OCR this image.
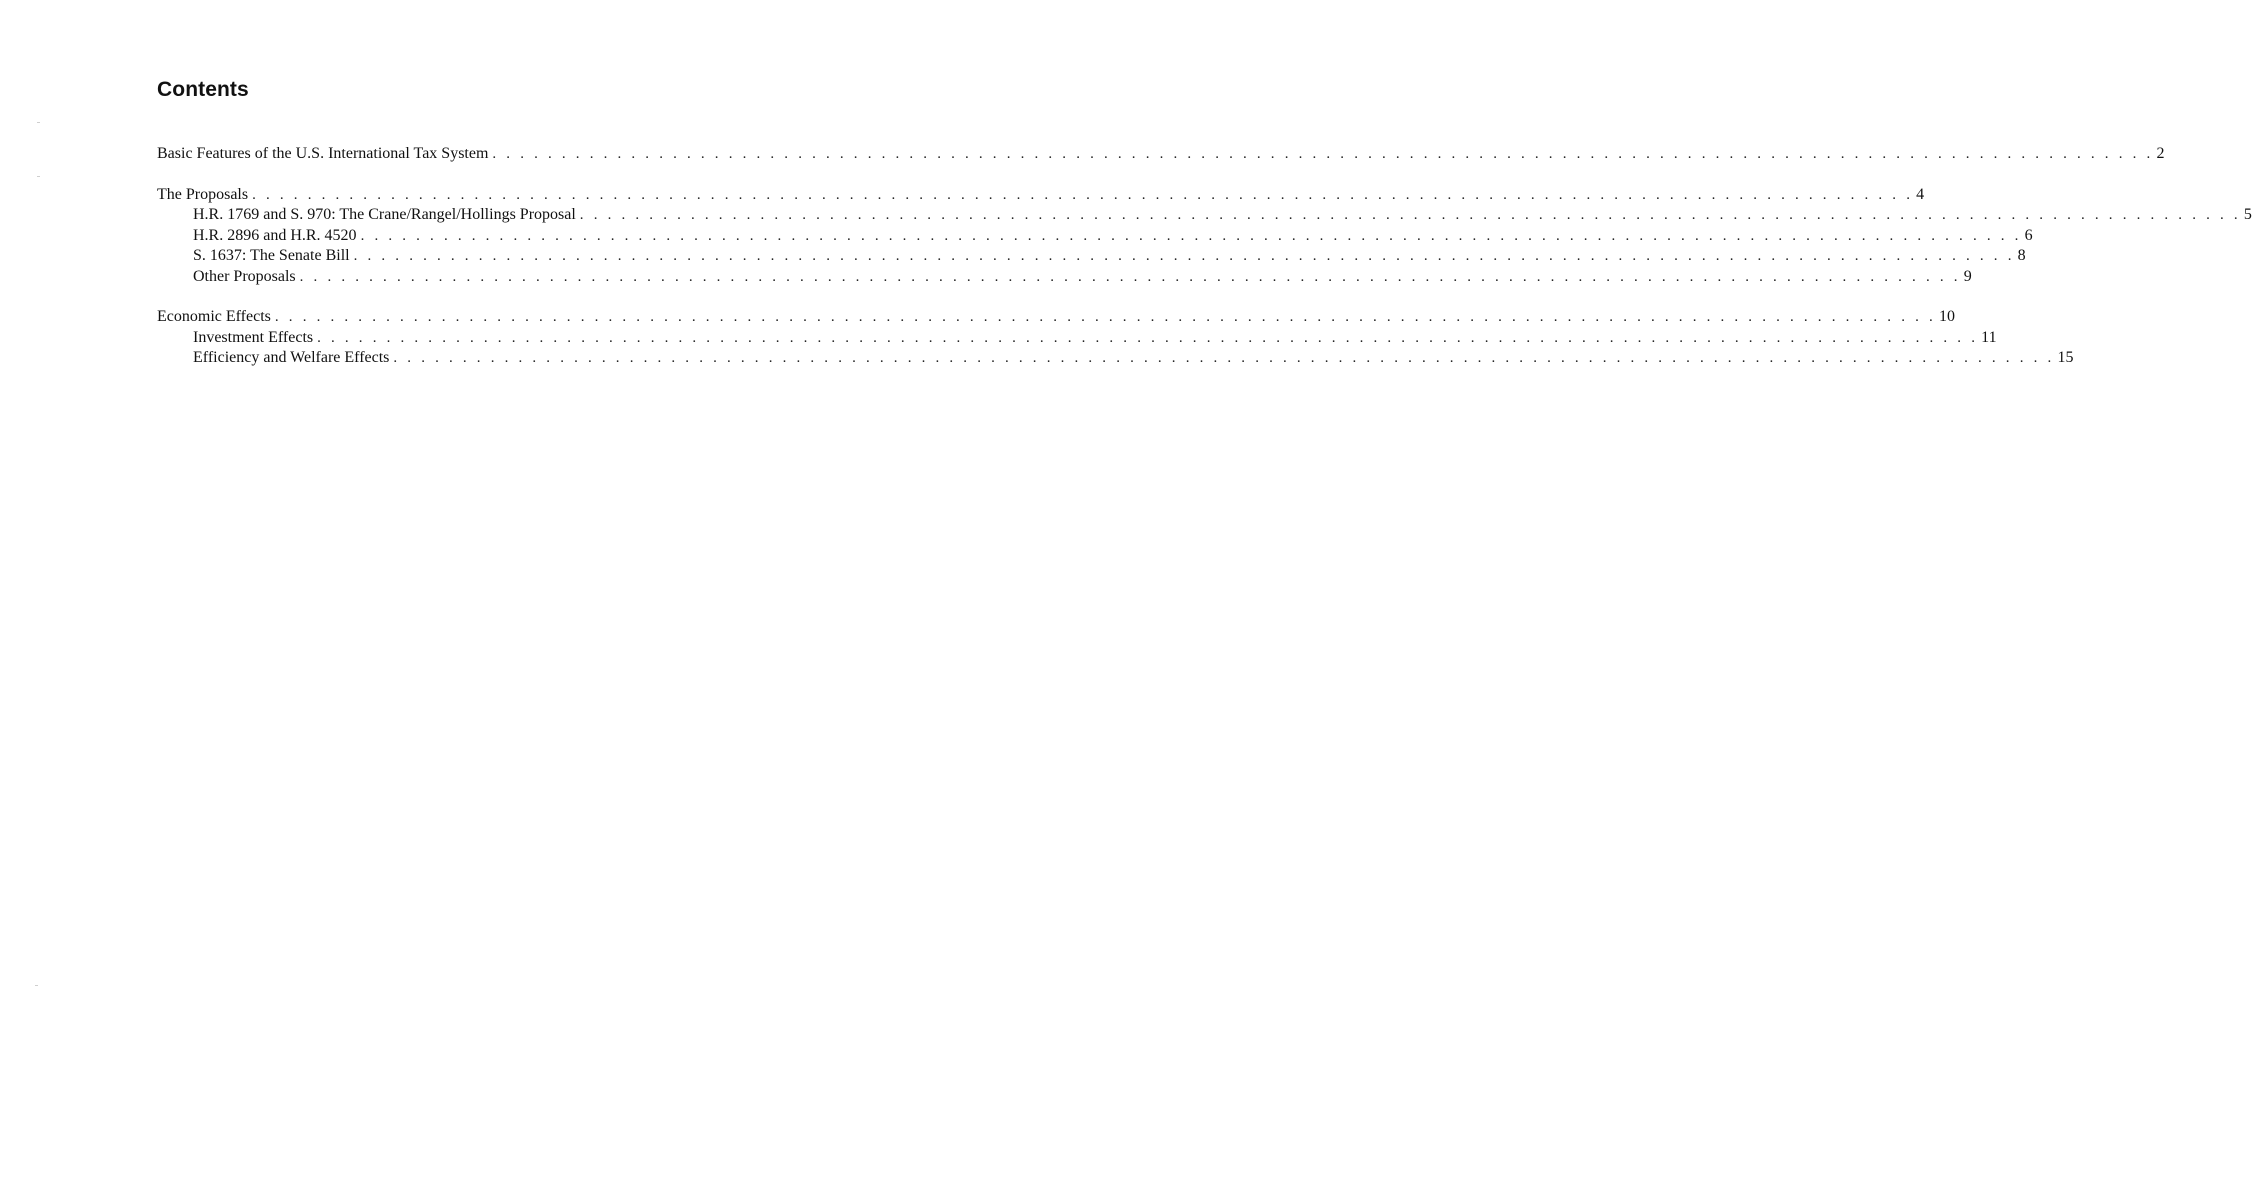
Contents
Basic Features of the U.S. International Tax System . . . . . . . . . . . . . . . . . . . . . . . . . . . . . . . . . . . . . . . . . . . . . . . . . . . . . . . . . . . . . . . . . . . . . . . . . . . . . . . . . . . . . . . . . . . . . . . . . . . . . . . . . . . . . . . . . . . . . . . . 2
The Proposals . . . . . . . . . . . . . . . . . . . . . . . . . . . . . . . . . . . . . . . . . . . . . . . . . . . . . . . . . . . . . . . . . . . . . . . . . . . . . . . . . . . . . . . . . . . . . . . . . . . . . . . . . . . . . . . . . . . . . . . . 4
H.R. 1769 and S. 970: The Crane/Rangel/Hollings Proposal . . . . . . . . . . . . . . . . . . . . . . . . . . . . . . . . . . . . . . . . . . . . . . . . . . . . . . . . . . . . . . . . . . . . . . . . . . . . . . . . . . . . . . . . . . . . . . . . . . . . . . . . . . . . . . . . . . . . . . . . 5
H.R. 2896 and H.R. 4520 . . . . . . . . . . . . . . . . . . . . . . . . . . . . . . . . . . . . . . . . . . . . . . . . . . . . . . . . . . . . . . . . . . . . . . . . . . . . . . . . . . . . . . . . . . . . . . . . . . . . . . . . . . . . . . . . . . . . . . . . 6
S. 1637: The Senate Bill . . . . . . . . . . . . . . . . . . . . . . . . . . . . . . . . . . . . . . . . . . . . . . . . . . . . . . . . . . . . . . . . . . . . . . . . . . . . . . . . . . . . . . . . . . . . . . . . . . . . . . . . . . . . . . . . . . . . . . . . 8
Other Proposals . . . . . . . . . . . . . . . . . . . . . . . . . . . . . . . . . . . . . . . . . . . . . . . . . . . . . . . . . . . . . . . . . . . . . . . . . . . . . . . . . . . . . . . . . . . . . . . . . . . . . . . . . . . . . . . . . . . . . . . . 9
Economic Effects . . . . . . . . . . . . . . . . . . . . . . . . . . . . . . . . . . . . . . . . . . . . . . . . . . . . . . . . . . . . . . . . . . . . . . . . . . . . . . . . . . . . . . . . . . . . . . . . . . . . . . . . . . . . . . . . . . . . . . . . 10
Investment Effects . . . . . . . . . . . . . . . . . . . . . . . . . . . . . . . . . . . . . . . . . . . . . . . . . . . . . . . . . . . . . . . . . . . . . . . . . . . . . . . . . . . . . . . . . . . . . . . . . . . . . . . . . . . . . . . . . . . . . . . . 11
Efficiency and Welfare Effects . . . . . . . . . . . . . . . . . . . . . . . . . . . . . . . . . . . . . . . . . . . . . . . . . . . . . . . . . . . . . . . . . . . . . . . . . . . . . . . . . . . . . . . . . . . . . . . . . . . . . . . . . . . . . . . . . . . . . . . . 15
